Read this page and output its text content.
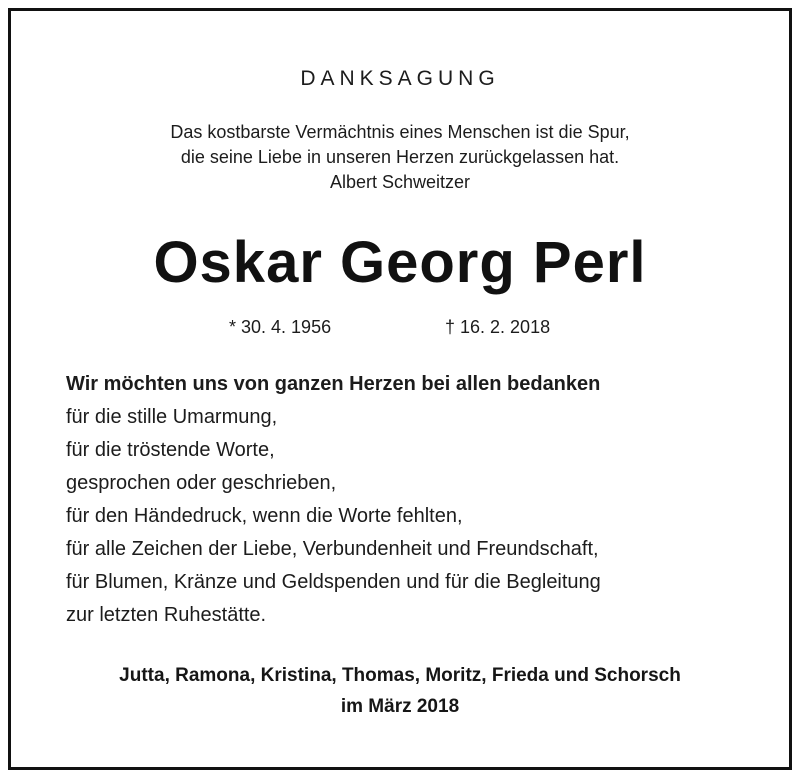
DANKSAGUNG
Das kostbarste Vermächtnis eines Menschen ist die Spur,
die seine Liebe in unseren Herzen zurückgelassen hat.
Albert Schweitzer
Oskar Georg Perl
* 30. 4. 1956	† 16. 2. 2018
Wir möchten uns von ganzen Herzen bei allen bedanken
für die stille Umarmung,
für die tröstende Worte,
gesprochen oder geschrieben,
für den Händedruck, wenn die Worte fehlten,
für alle Zeichen der Liebe, Verbundenheit und Freundschaft,
für Blumen, Kränze und Geldspenden und für die Begleitung
zur letzten Ruhestätte.
Jutta, Ramona, Kristina, Thomas, Moritz, Frieda und Schorsch
im März 2018
